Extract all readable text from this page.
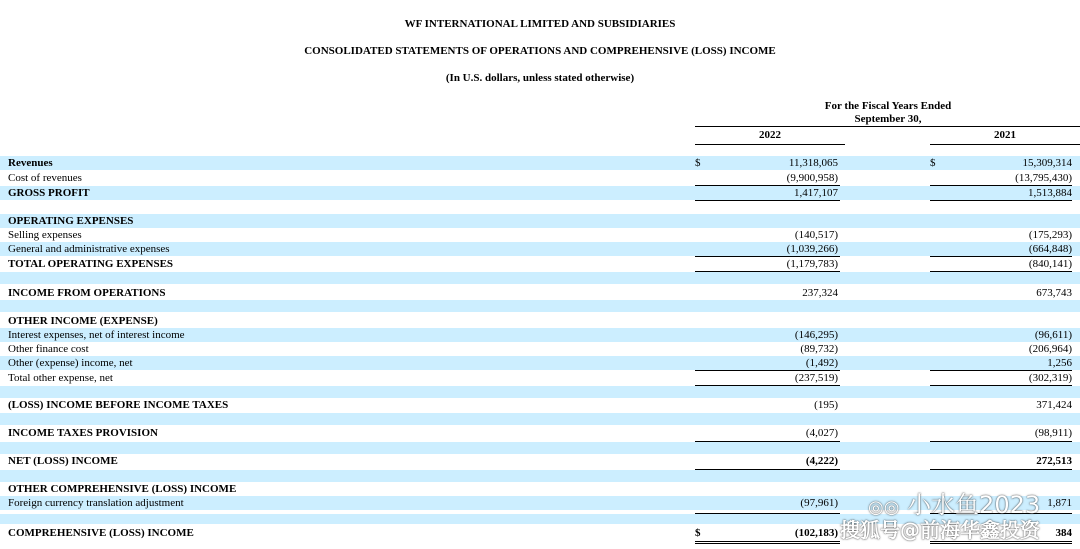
WF INTERNATIONAL LIMITED AND SUBSIDIARIES
CONSOLIDATED STATEMENTS OF OPERATIONS AND COMPREHENSIVE (LOSS) INCOME
(In U.S. dollars, unless stated otherwise)
For the Fiscal Years Ended
September 30,
2022	2021
Revenues	$	11,318,065	$	15,309,314
Cost of revenues	(9,900,958)	(13,795,430)
GROSS PROFIT	1,417,107	1,513,884
OPERATING EXPENSES
Selling expenses	(140,517)	(175,293)
General and administrative expenses	(1,039,266)	(664,848)
TOTAL OPERATING EXPENSES	(1,179,783)	(840,141)
INCOME FROM OPERATIONS	237,324	673,743
OTHER INCOME (EXPENSE)
Interest expenses, net of interest income	(146,295)	(96,611)
Other finance cost	(89,732)	(206,964)
Other (expense) income, net	(1,492)	1,256
Total other expense, net	(237,519)	(302,319)
(LOSS) INCOME BEFORE INCOME TAXES	(195)	371,424
INCOME TAXES PROVISION	(4,027)	(98,911)
NET (LOSS) INCOME	(4,222)	272,513
OTHER COMPREHENSIVE (LOSS) INCOME
Foreign currency translation adjustment	(97,961)	1,871
COMPREHENSIVE (LOSS) INCOME	$	(102,183)	384
◎◎ 小水鱼2023
搜狐号@前海华鑫投资
